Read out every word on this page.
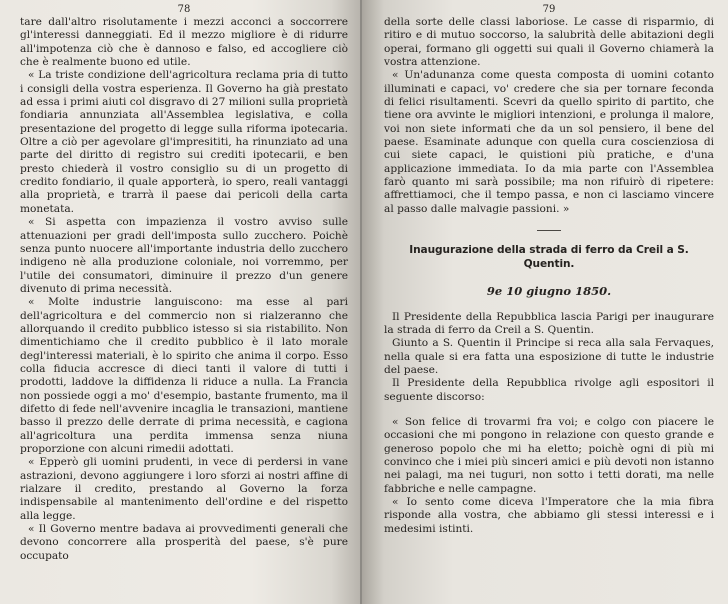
78

tare dall'altro risolutamente i mezzi acconci a soccorrere gl'interessi danneggiati. Ed il mezzo migliore è di ridurre all'impotenza ciò che è dannoso e falso, ed accogliere ciò che è realmente buono ed utile.

« La triste condizione dell'agricoltura reclama pria di tutto i consigli della vostra esperienza. Il Governo ha già prestato ad essa i primi aiuti col disgravo di 27 milioni sulla proprietà fondiaria annunziata all'Assemblea legislativa, e colla presentazione del progetto di legge sulla riforma ipotecaria. Oltre a ciò per agevolare gl'impresititi, ha rinunziato ad una parte del diritto di registro sui crediti ipotecarii, e ben presto chiederà il vostro consiglio su di un progetto di credito fondiario, il quale apporterà, io spero, reali vantaggi alla proprietà, e trarrà il paese dai pericoli della carta monetata.

« Si aspetta con impazienza il vostro avviso sulle attenuazioni per gradi dell'imposta sullo zucchero. Poichè senza punto nuocere all'importante industria dello zucchero indigeno nè alla produzione coloniale, noi vorremmo, per l'utile dei consumatori, diminuire il prezzo d'un genere divenuto di prima necessità.

« Molte industrie languiscono: ma esse al pari dell'agricoltura e del commercio non si rialzeranno che allorquando il credito pubblico istesso si sia ristabilito. Non dimentichiamo che il credito pubblico è il lato morale degl'interessi materiali, è lo spirito che anima il corpo. Esso colla fiducia accresce di dieci tanti il valore di tutti i prodotti, laddove la diffidenza li riduce a nulla. La Francia non possiede oggi a mo' d'esempio, bastante frumento, ma il difetto di fede nell'avvenire incaglia le transazioni, mantiene basso il prezzo delle derrate di prima necessità, e cagiona all'agricoltura una perdita immensa senza niuna proporzione con alcuni rimedii adottati.

« Epperò gli uomini prudenti, in vece di perdersi in vane astrazioni, devono aggiungere i loro sforzi ai nostri affine di rialzare il credito, prestando al Governo la forza indispensabile al mantenimento dell'ordine e del rispetto alla legge.

« Il Governo mentre badava ai provvedimenti generali che devono concorrere alla prosperità del paese, s'è pure occupato

79

della sorte delle classi laboriose. Le casse di risparmio, di ritiro e di mutuo soccorso, la salubrità delle abitazioni degli operai, formano gli oggetti sui quali il Governo chiamerà la vostra attenzione.

« Un'adunanza come questa composta di uomini cotanto illuminati e capaci, vo' credere che sia per tornare feconda di felici risultamenti. Scevri da quello spirito di partito, che tiene ora avvinte le migliori intenzioni, e prolunga il malore, voi non siete informati che da un sol pensiero, il bene del paese. Esaminate adunque con quella cura coscienziosa di cui siete capaci, le quistioni più pratiche, e d'una applicazione immediata. Io da mia parte con l'Assemblea farò quanto mi sarà possibile; ma non rifuirò di ripetere: affrettiamoci, che il tempo passa, e non ci lasciamo vincere al passo dalle malvagie passioni. »

Inaugurazione della strada di ferro da Creil a S. Quentin.
9e 10 giugno 1850.

Il Presidente della Repubblica lascia Parigi per inaugurare la strada di ferro da Creil a S. Quentin.

Giunto a S. Quentin il Principe si reca alla sala Fervaques, nella quale si era fatta una esposizione di tutte le industrie del paese.

Il Presidente della Repubblica rivolge agli espositori il seguente discorso:

« Son felice di trovarmi fra voi; e colgo con piacere le occasioni che mi pongono in relazione con questo grande e generoso popolo che mi ha eletto; poichè ogni di più mi convinco che i miei più sinceri amici e più devoti non istanno nei palagi, ma nei tuguri, non sotto i tetti dorati, ma nelle fabbriche e nelle campagne.

« Io sento come diceva l'Imperatore che la mia fibra risponde alla vostra, che abbiamo gli stessi interessi e i medesimi istinti.
